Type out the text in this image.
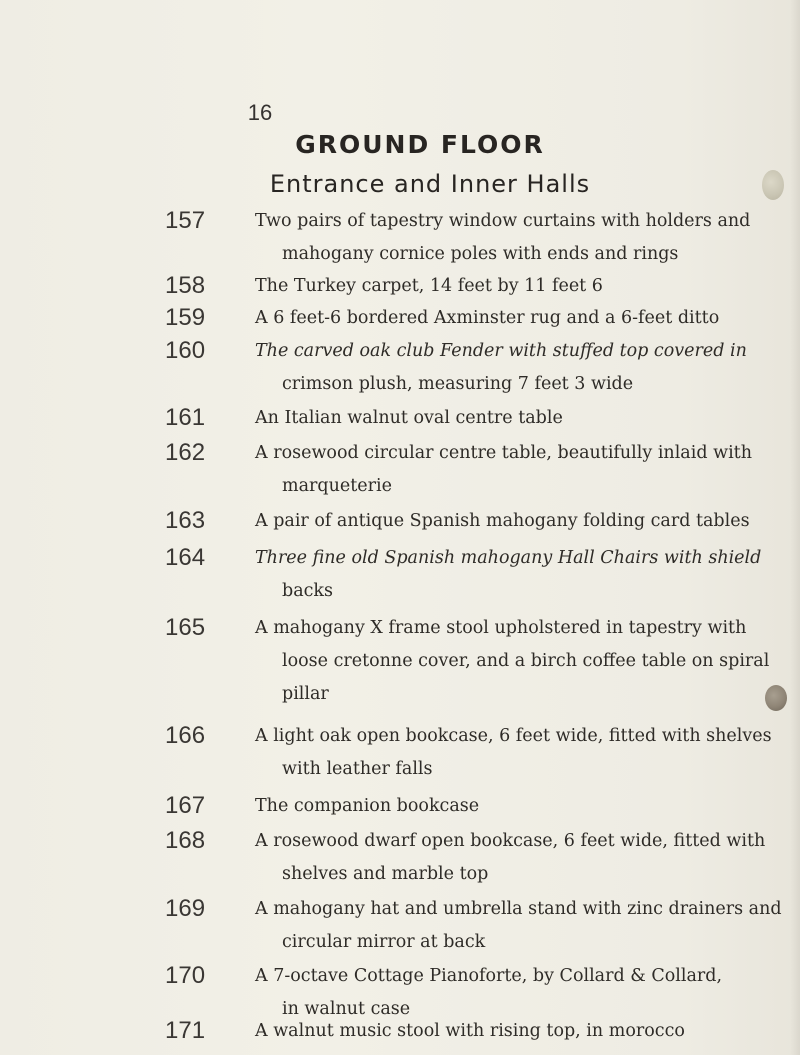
16
GROUND FLOOR
Entrance and Inner Halls
157	Two pairs of tapestry window curtains with holders and
mahogany cornice poles with ends and rings
158	The Turkey carpet, 14 feet by 11 feet 6
159	A 6 feet-6 bordered Axminster rug and a 6-feet ditto
160	The carved oak club Fender with stuffed top covered in
crimson plush, measuring 7 feet 3 wide
161	An Italian walnut oval centre table
162	A rosewood circular centre table, beautifully inlaid with
marqueterie
163	A pair of antique Spanish mahogany folding card tables
164	Three fine old Spanish mahogany Hall Chairs with shield
backs
165	A mahogany X frame stool upholstered in tapestry with
loose cretonne cover, and a birch coffee table on spiral
pillar
166	A light oak open bookcase, 6 feet wide, fitted with shelves
with leather falls
167	The companion bookcase
168	A rosewood dwarf open bookcase, 6 feet wide, fitted with
shelves and marble top
169	A mahogany hat and umbrella stand with zinc drainers and
circular mirror at back
170	A 7-octave Cottage Pianoforte, by Collard & Collard,
in walnut case
171	A walnut music stool with rising top, in morocco
